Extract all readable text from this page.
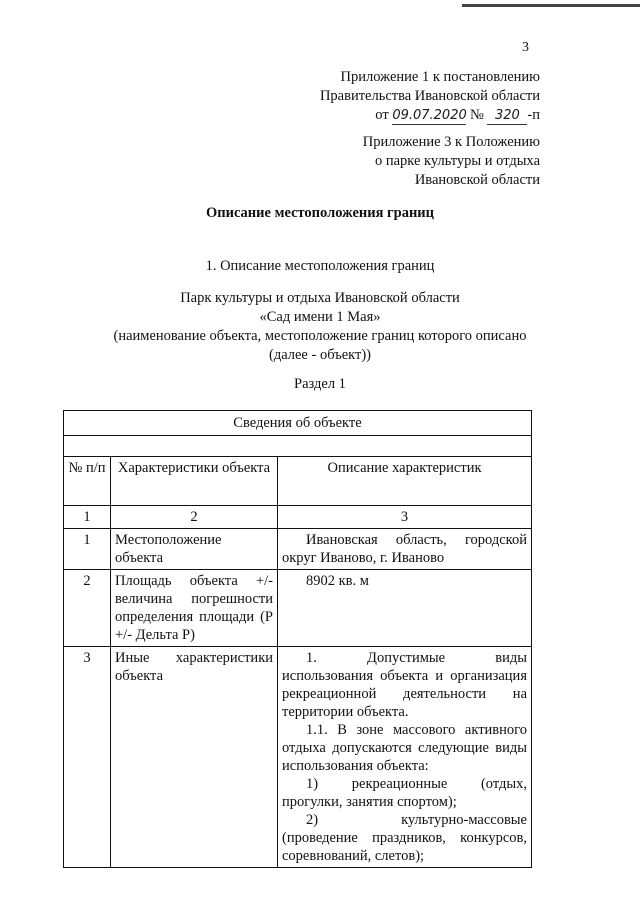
3
Приложение 1 к постановлению
Правительства Ивановской области
от 09.07.2020 № 320 -п
Приложение 3 к Положению
о парке культуры и отдыха
Ивановской области
Описание местоположения границ
1. Описание местоположения границ
Парк культуры и отдыха Ивановской области
«Сад имени 1 Мая»
(наименование объекта, местоположение границ которого описано
(далее - объект))
Раздел 1
Сведения об объекте		

№ п/п	Характеристики объекта	Описание характеристик
1	2	3
1	Местоположение объекта	Ивановская область, городской округ Иваново, г. Иваново
2	Площадь объекта +/- величина погрешности определения площади (Р +/- Дельта Р)	8902 кв. м
3	Иные характеристики объекта	1. Допустимые виды использования объекта и организация рекреационной деятельности на территории объекта.
1.1. В зоне массового активного отдыха допускаются следующие виды использования объекта:
1) рекреационные (отдых, прогулки, занятия спортом);
2) культурно-массовые (проведение праздников, конкурсов, соревнований, слетов);
